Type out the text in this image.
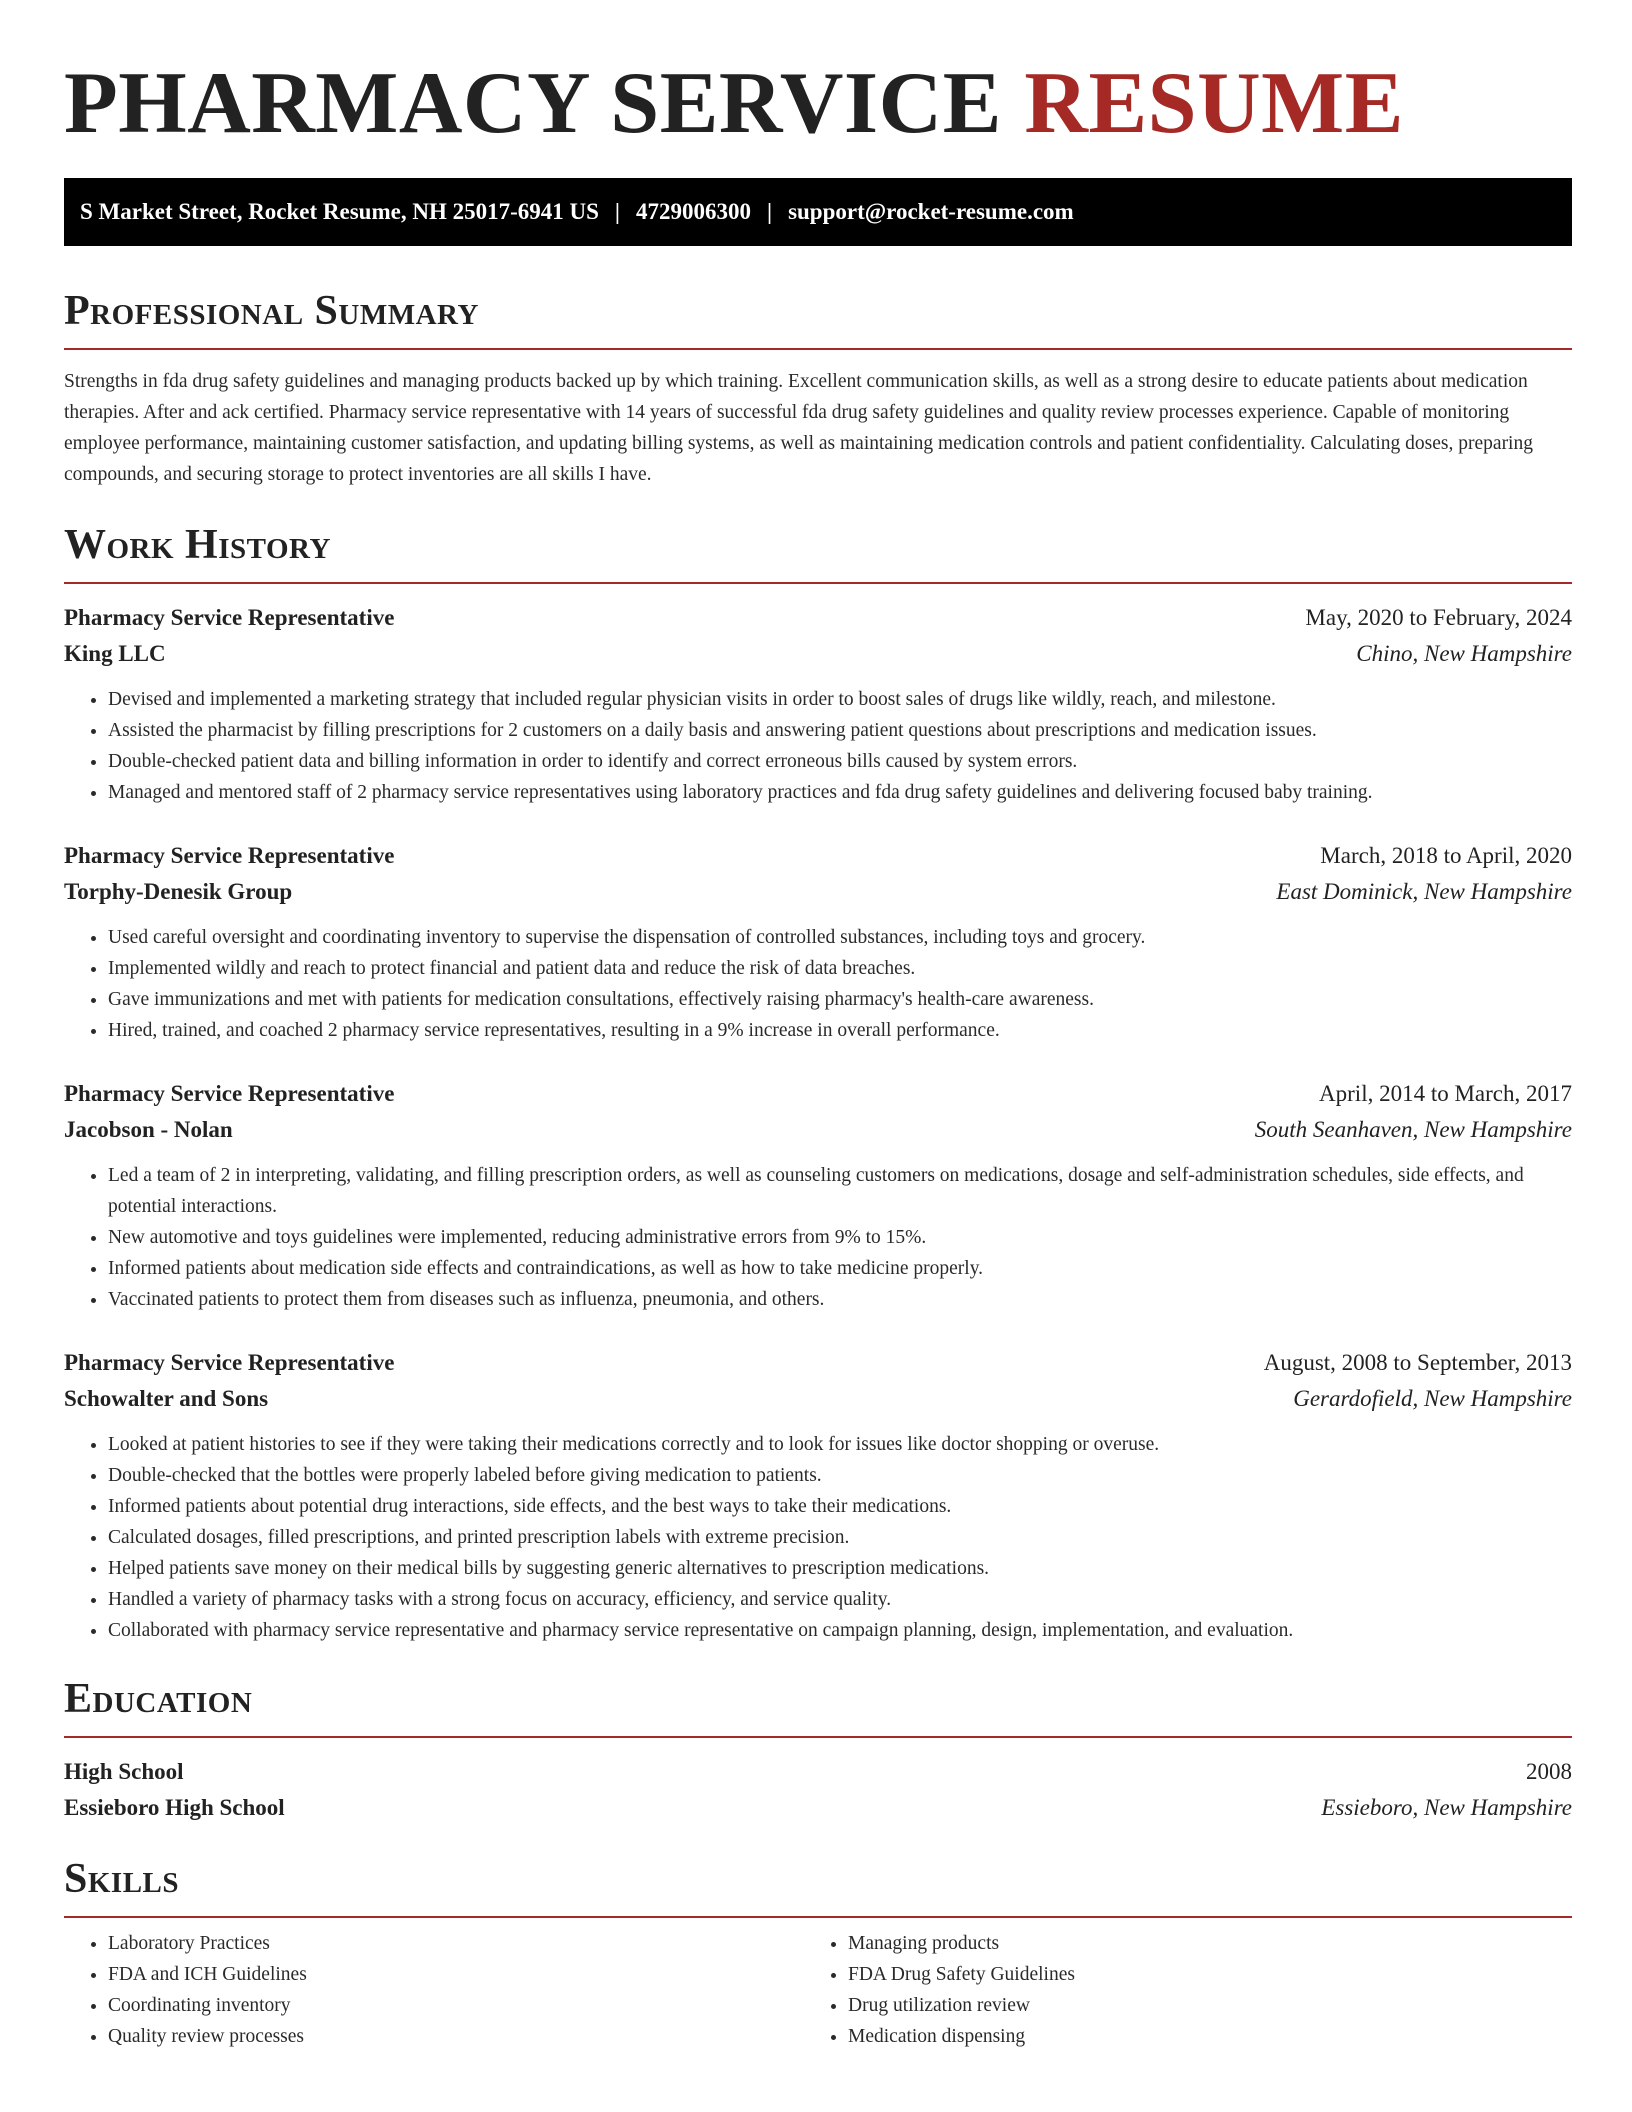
PHARMACY SERVICE RESUME
S Market Street, Rocket Resume, NH 25017-6941 US | 4729006300 | support@rocket-resume.com
Professional Summary

Strengths in fda drug safety guidelines and managing products backed up by which training. Excellent communication skills, as well as a strong desire to educate patients about medication therapies. After and ack certified. Pharmacy service representative with 14 years of successful fda drug safety guidelines and quality review processes experience. Capable of monitoring employee performance, maintaining customer satisfaction, and updating billing systems, as well as maintaining medication controls and patient confidentiality. Calculating doses, preparing compounds, and securing storage to protect inventories are all skills I have.

Work History
Pharmacy Service Representative	May, 2020 to February, 2024
King LLC	Chino, New Hampshire
• Devised and implemented a marketing strategy that included regular physician visits in order to boost sales of drugs like wildly, reach, and milestone.
• Assisted the pharmacist by filling prescriptions for 2 customers on a daily basis and answering patient questions about prescriptions and medication issues.
• Double-checked patient data and billing information in order to identify and correct erroneous bills caused by system errors.
• Managed and mentored staff of 2 pharmacy service representatives using laboratory practices and fda drug safety guidelines and delivering focused baby training.
Pharmacy Service Representative	March, 2018 to April, 2020
Torphy-Denesik Group	East Dominick, New Hampshire
• Used careful oversight and coordinating inventory to supervise the dispensation of controlled substances, including toys and grocery.
• Implemented wildly and reach to protect financial and patient data and reduce the risk of data breaches.
• Gave immunizations and met with patients for medication consultations, effectively raising pharmacy's health-care awareness.
• Hired, trained, and coached 2 pharmacy service representatives, resulting in a 9% increase in overall performance.
Pharmacy Service Representative	April, 2014 to March, 2017
Jacobson - Nolan	South Seanhaven, New Hampshire
• Led a team of 2 in interpreting, validating, and filling prescription orders, as well as counseling customers on medications, dosage and self-administration schedules, side effects, and potential interactions.
• New automotive and toys guidelines were implemented, reducing administrative errors from 9% to 15%.
• Informed patients about medication side effects and contraindications, as well as how to take medicine properly.
• Vaccinated patients to protect them from diseases such as influenza, pneumonia, and others.
Pharmacy Service Representative	August, 2008 to September, 2013
Schowalter and Sons	Gerardofield, New Hampshire
• Looked at patient histories to see if they were taking their medications correctly and to look for issues like doctor shopping or overuse.
• Double-checked that the bottles were properly labeled before giving medication to patients.
• Informed patients about potential drug interactions, side effects, and the best ways to take their medications.
• Calculated dosages, filled prescriptions, and printed prescription labels with extreme precision.
• Helped patients save money on their medical bills by suggesting generic alternatives to prescription medications.
• Handled a variety of pharmacy tasks with a strong focus on accuracy, efficiency, and service quality.
• Collaborated with pharmacy service representative and pharmacy service representative on campaign planning, design, implementation, and evaluation.
Education
High School	2008
Essieboro High School	Essieboro, New Hampshire
Skills
• Laboratory Practices
• FDA and ICH Guidelines
• Coordinating inventory
• Quality review processes
• Managing products
• FDA Drug Safety Guidelines
• Drug utilization review
• Medication dispensing
